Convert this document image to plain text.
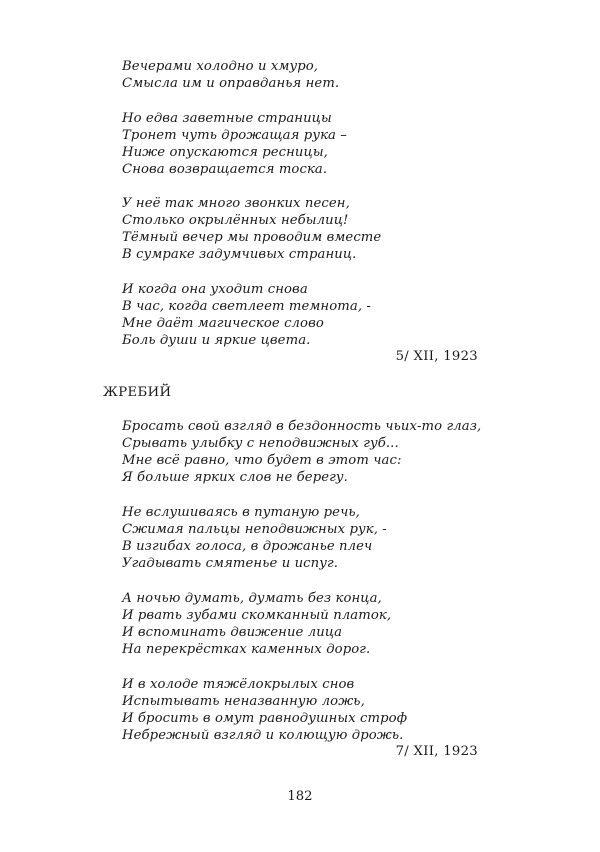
Вечерами холодно и хмуро,
Смысла им и оправданья нет.
Но едва заветные страницы
Тронет чуть дрожащая рука –
Ниже опускаются ресницы,
Снова возвращается тоска.
У неё так много звонких песен,
Столько окрылённых небылиц!
Тёмный вечер мы проводим вместе
В сумраке задумчивых страниц.
И когда она уходит снова
В час, когда светлеет темнота, -
Мне даёт магическое слово
Боль души и яркие цвета.
5/ XII, 1923
ЖРЕБИЙ
Бросать свой взгляд в бездонность чьих-то глаз,
Срывать улыбку с неподвижных губ...
Мне всё равно, что будет в этот час:
Я больше ярких слов не берегу.
Не вслушиваясь в путаную речь,
Сжимая пальцы неподвижных рук, -
В изгибах голоса, в дрожанье плеч
Угадывать смятенье и испуг.
А ночью думать, думать без конца,
И рвать зубами скомканный платок,
И вспоминать движение лица
На перекрёстках каменных дорог.
И в холоде тяжёлокрылых снов
Испытывать неназванную ложь,
И бросить в омут равнодушных строф
Небрежный взгляд и колющую дрожь.
7/ XII, 1923
182
